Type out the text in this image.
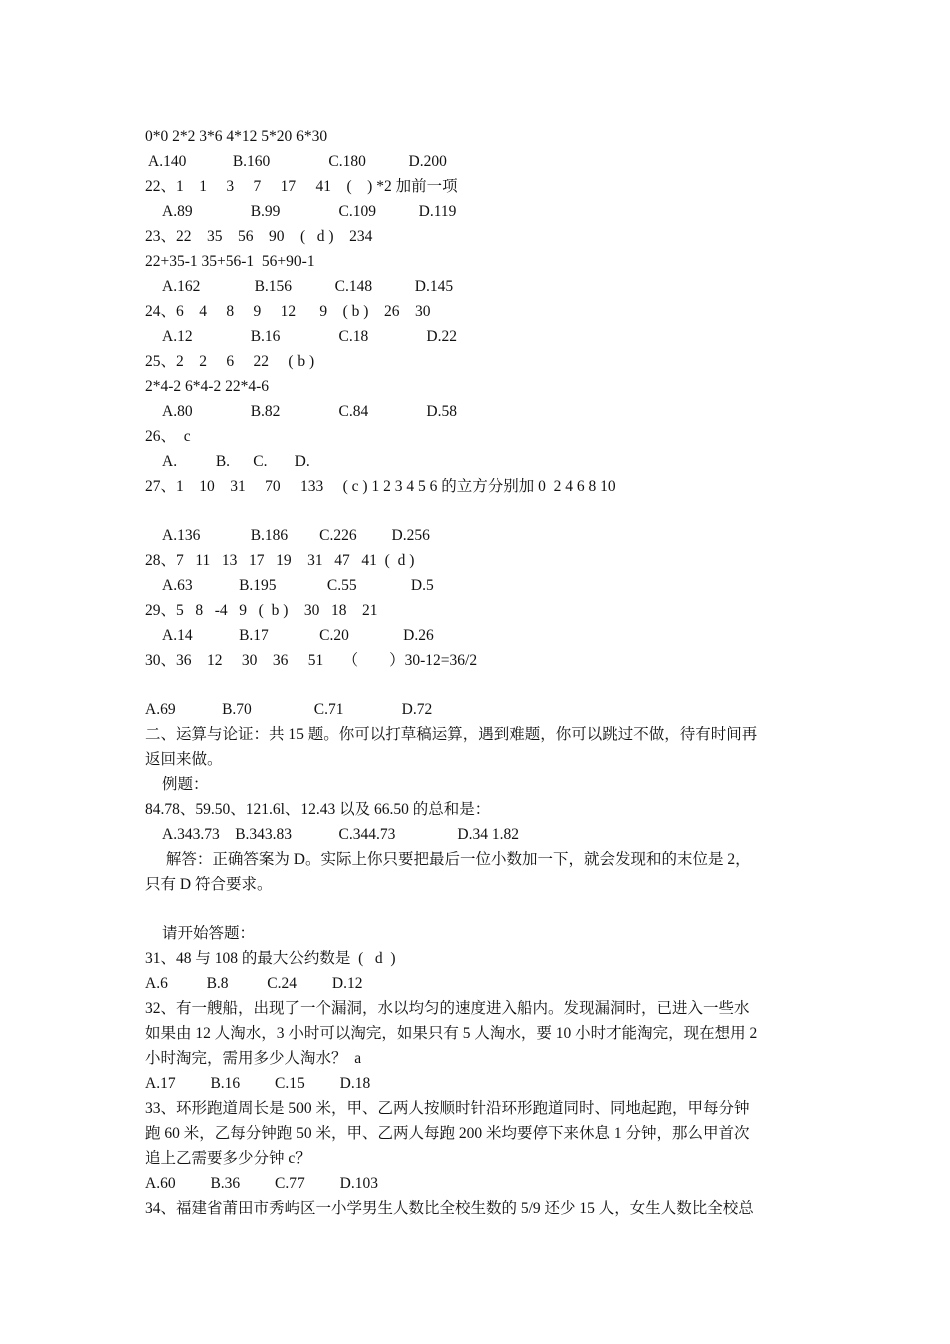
0*0 2*2 3*6 4*12 5*20 6*30
A.140            B.160               C.180           D.200
22、1    1     3     7     17     41    (    ) *2 加前一项
A.89               B.99               C.109           D.119
23、22    35    56    90    (   d )    234
22+35-1 35+56-1  56+90-1
A.162              B.156           C.148           D.145
24、6    4     8     9     12      9    ( b )    26    30
A.12               B.16               C.18               D.22
25、2    2     6     22     ( b )
2*4-2 6*4-2 22*4-6
A.80               B.82               C.84               D.58
26、  c
A.          B.      C.       D.
27、1    10    31     70     133     ( c ) 1 2 3 4 5 6 的立方分别加 0  2 4 6 8 10
A.136             B.186        C.226         D.256
28、7   11   13   17   19    31   47   41  (  d )
A.63            B.195             C.55              D.5
29、5   8   -4   9   (  b )    30   18    21
A.14            B.17             C.20              D.26
30、36    12     30    36     51     （        ）30-12=36/2
A.69            B.70                C.71               D.72
二、运算与论证：共 15 题。你可以打草稿运算，遇到难题，你可以跳过不做，待有时间再
返回来做。
例题：
84.78、59.50、121.6l、12.43 以及 66.50 的总和是：
A.343.73    B.343.83            C.344.73                D.34 1.82
解答：正确答案为 D。实际上你只要把最后一位小数加一下，就会发现和的末位是 2，
只有 D 符合要求。
请开始答题：
31、48 与 108 的最大公约数是  (   d  )
A.6          B.8          C.24         D.12
32、有一艘船，出现了一个漏洞，水以均匀的速度进入船内。发现漏洞时，已进入一些水
如果由 12 人淘水，3 小时可以淘完，如果只有 5 人淘水，要 10 小时才能淘完，现在想用 2
小时淘完，需用多少人淘水？  a
A.17         B.16         C.15         D.18
33、环形跑道周长是 500 米，甲、乙两人按顺时针沿环形跑道同时、同地起跑，甲每分钟
跑 60 米，乙每分钟跑 50 米，甲、乙两人每跑 200 米均要停下来休息 1 分钟，那么甲首次
追上乙需要多少分钟 c？
A.60         B.36         C.77         D.103
34、福建省莆田市秀屿区一小学男生人数比全校生数的 5/9 还少 15 人，女生人数比全校总
